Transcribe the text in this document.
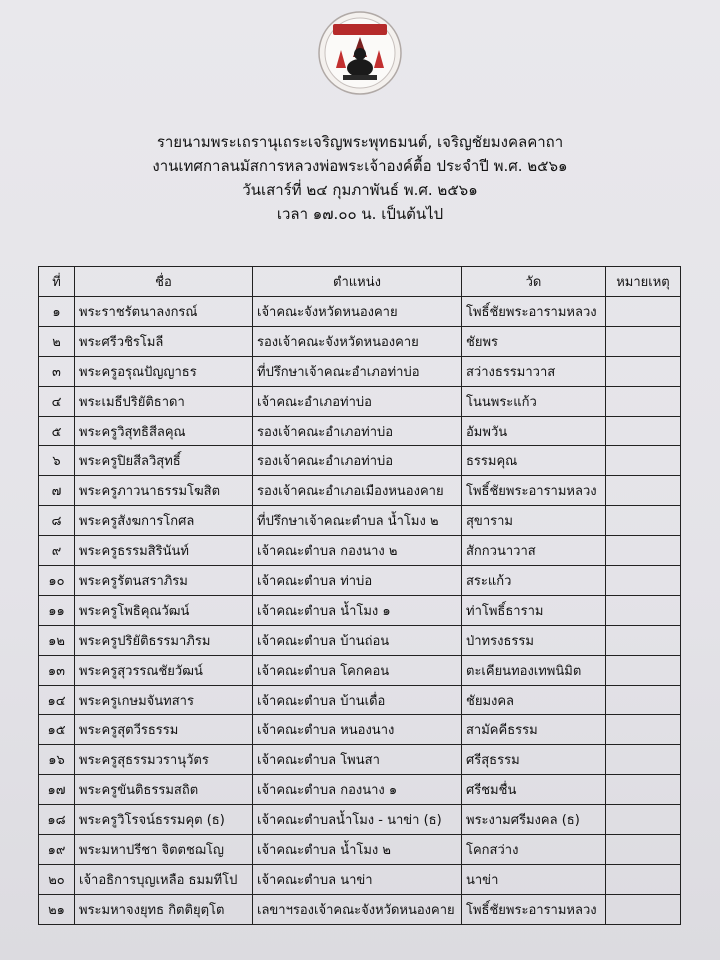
รายนามพระเถรานุเถระเจริญพระพุทธมนต์, เจริญชัยมงคลคาถา
งานเทศกาลนมัสการหลวงพ่อพระเจ้าองค์ตื้อ ประจำปี พ.ศ. ๒๕๖๑
วันเสาร์ที่ ๒๔ กุมภาพันธ์ พ.ศ. ๒๕๖๑
เวลา ๑๗.๐๐ น. เป็นต้นไป
ที่	ชื่อ	ตำแหน่ง	วัด	หมายเหตุ
๑	พระราชรัตนาลงกรณ์	เจ้าคณะจังหวัดหนองคาย	โพธิ์ชัยพระอารามหลวง	
๒	พระศรีวชิรโมลี	รองเจ้าคณะจังหวัดหนองคาย	ชัยพร	
๓	พระครูอรุณปัญญาธร	ที่ปรึกษาเจ้าคณะอำเภอท่าบ่อ	สว่างธรรมาวาส	
๔	พระเมธีปริยัติธาดา	เจ้าคณะอำเภอท่าบ่อ	โนนพระแก้ว	
๕	พระครูวิสุทธิสีลคุณ	รองเจ้าคณะอำเภอท่าบ่อ	อัมพวัน	
๖	พระครูปิยสีลวิสุทธิ์	รองเจ้าคณะอำเภอท่าบ่อ	ธรรมคุณ	
๗	พระครูภาวนาธรรมโฆสิต	รองเจ้าคณะอำเภอเมืองหนองคาย	โพธิ์ชัยพระอารามหลวง	
๘	พระครูสังฆการโกศล	ที่ปรึกษาเจ้าคณะตำบล น้ำโมง ๒	สุขาราม	
๙	พระครูธรรมสิรินันท์	เจ้าคณะตำบล กองนาง ๒	สักกวนาวาส	
๑๐	พระครูรัตนสราภิรม	เจ้าคณะตำบล ท่าบ่อ	สระแก้ว	
๑๑	พระครูโพธิคุณวัฒน์	เจ้าคณะตำบล น้ำโมง ๑	ท่าโพธิ์ธาราม	
๑๒	พระครูปริยัติธรรมาภิรม	เจ้าคณะตำบล บ้านถ่อน	ป่าทรงธรรม	
๑๓	พระครูสุวรรณชัยวัฒน์	เจ้าคณะตำบล โคกคอน	ตะเคียนทองเทพนิมิต	
๑๔	พระครูเกษมจันทสาร	เจ้าคณะตำบล บ้านเดื่อ	ชัยมงคล	
๑๕	พระครูสุตวีรธรรม	เจ้าคณะตำบล หนองนาง	สามัคคีธรรม	
๑๖	พระครูสุธรรมวรานุวัตร	เจ้าคณะตำบล โพนสา	ศรีสุธรรม	
๑๗	พระครูขันติธรรมสถิต	เจ้าคณะตำบล กองนาง ๑	ศรีชมชื่น	
๑๘	พระครูวิโรจน์ธรรมคุต (ธ)	เจ้าคณะตำบลน้ำโมง - นาข่า (ธ)	พระงามศรีมงคล (ธ)	
๑๙	พระมหาปรีชา จิตตชฌโญ	เจ้าคณะตำบล น้ำโมง ๒	โคกสว่าง	
๒๐	เจ้าอธิการบุญเหลือ ธมมทีโป	เจ้าคณะตำบล นาข่า	นาข่า	
๒๑	พระมหาจงยุทธ กิตติยุตฺโต	เลขาฯรองเจ้าคณะจังหวัดหนองคาย	โพธิ์ชัยพระอารามหลวง	
